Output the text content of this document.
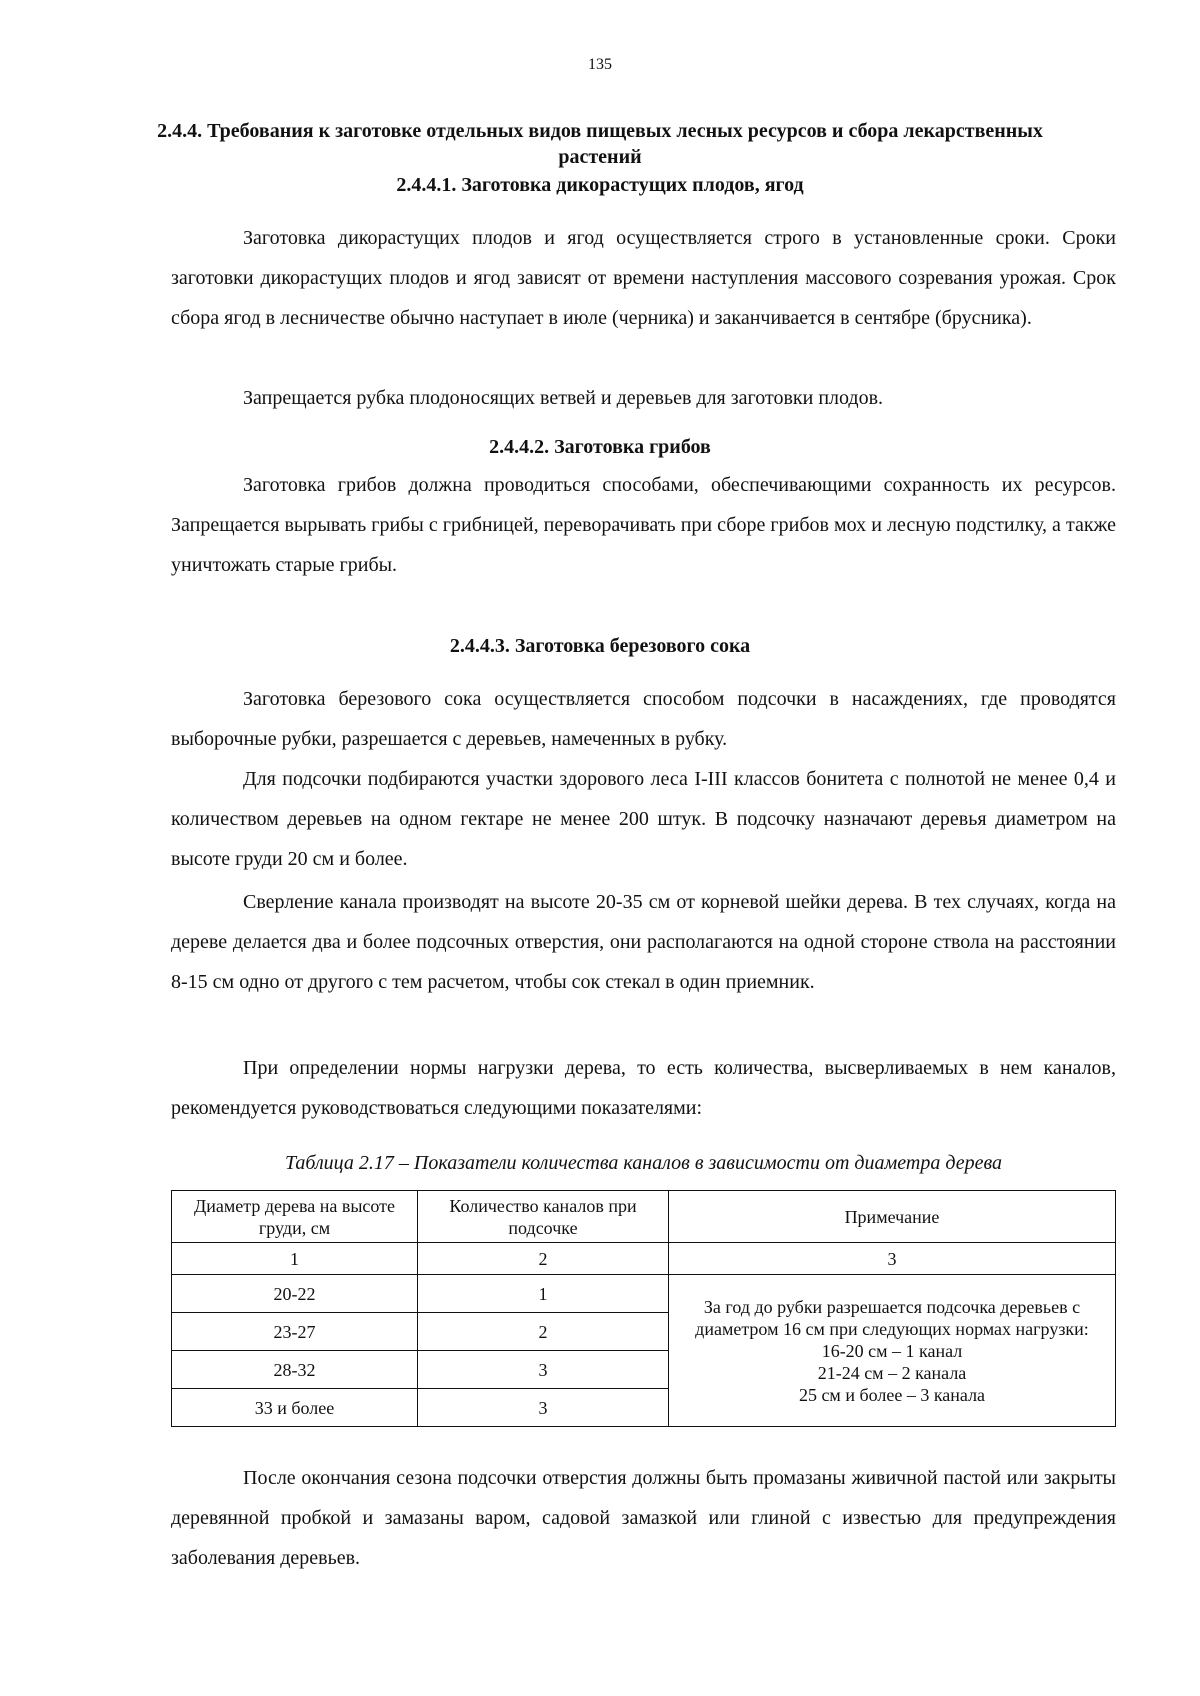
135
2.4.4. Требования к заготовке отдельных видов пищевых лесных ресурсов и сбора лекарственных растений
2.4.4.1. Заготовка дикорастущих плодов, ягод

Заготовка дикорастущих плодов и ягод осуществляется строго в установленные сроки. Сроки заготовки дикорастущих плодов и ягод зависят от времени наступления массового созревания урожая. Срок сбора ягод в лесничестве обычно наступает в июле (черника) и заканчивается в сентябре (брусника).

Запрещается рубка плодоносящих ветвей и деревьев для заготовки плодов.

2.4.4.2. Заготовка грибов

Заготовка грибов должна проводиться способами, обеспечивающими сохранность их ресурсов. Запрещается вырывать грибы с грибницей, переворачивать при сборе грибов мох и лесную подстилку, а также уничтожать старые грибы.

2.4.4.3. Заготовка березового сока

Заготовка березового сока осуществляется способом подсочки в насаждениях, где проводятся выборочные рубки, разрешается с деревьев, намеченных в рубку.

Для подсочки подбираются участки здорового леса I-III классов бонитета с полнотой не менее 0,4 и количеством деревьев на одном гектаре не менее 200 штук. В подсочку назначают деревья диаметром на высоте груди 20 см и более.

Сверление канала производят на высоте 20-35 см от корневой шейки дерева. В тех случаях, когда на дереве делается два и более подсочных отверстия, они располагаются на одной стороне ствола на расстоянии 8-15 см одно от другого с тем расчетом, чтобы сок стекал в один приемник.

При определении нормы нагрузки дерева, то есть количества, высверливаемых в нем каналов, рекомендуется руководствоваться следующими показателями:

Таблица 2.17 – Показатели количества каналов в зависимости от диаметра дерева
Диаметр дерева на высоте груди, см	Количество каналов при подсочке	Примечание
1	2	3
20-22	1	За год до рубки разрешается подсочка деревьев с диаметром 16 см при следующих нормах нагрузки:
16-20 см – 1 канал
21-24 см – 2 канала
25 см и более – 3 канала

23-27	2	
28-32	3	
33 и более	3	

После окончания сезона подсочки отверстия должны быть промазаны живичной пастой или закрыты деревянной пробкой и замазаны варом, садовой замазкой или глиной с известью для предупреждения заболевания деревьев.
